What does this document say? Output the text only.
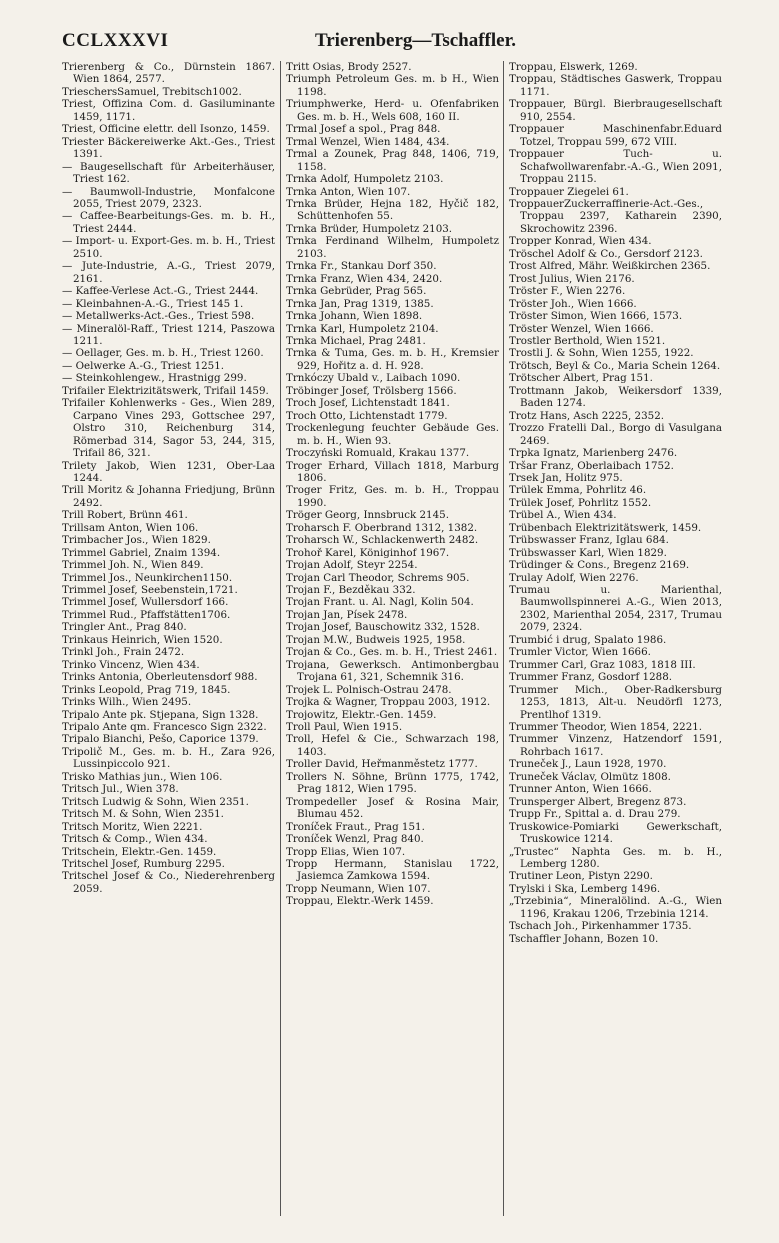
CCLXXXVI	Trierenberg—Tschaffler.
Trierenberg & Co., Dürnstein 1867. Wien 1864, 2577.
TrieschersSamuel, Trebitsch1002.
Triest, Offizina Com. d. Gasiluminante 1459, 1171.
Triest, Officine elettr. dell Isonzo, 1459.
Triester Bäckereiwerke Akt.-Ges., Triest 1391.
— Baugesellschaft für Arbeiterhäuser, Triest 162.
— Baumwoll-Industrie, Monfalcone 2055, Triest 2079, 2323.
— Caffee-Bearbeitungs-Ges. m. b. H., Triest 2444.
— Import- u. Export-Ges. m. b. H., Triest 2510.
— Jute-Industrie, A.-G., Triest 2079, 2161.
— Kaffee-Verlese Act.-G., Triest 2444.
— Kleinbahnen-A.-G., Triest 145 1.
— Metallwerks-Act.-Ges., Triest 598.
— Mineralöl-Raff., Triest 1214, Paszowa 1211.
— Oellager, Ges. m. b. H., Triest 1260.
— Oelwerke A.-G., Triest 1251.
— Steinkohlengew., Hrastnigg 299.
Trifailer Elektrizitätswerk, Trifail 1459.
Trifailer Kohlenwerks - Ges., Wien 289, Carpano Vines 293, Gottschee 297, Olstro 310, Reichenburg 314, Römerbad 314, Sagor 53, 244, 315, Trifail 86, 321.
Trilety Jakob, Wien 1231, Ober-Laa 1244.
Trill Moritz & Johanna Friedjung, Brünn 2492.
Trill Robert, Brünn 461.
Trillsam Anton, Wien 106.
Trimbacher Jos., Wien 1829.
Trimmel Gabriel, Znaim 1394.
Trimmel Joh. N., Wien 849.
Trimmel Jos., Neunkirchen1150.
Trimmel Josef, Seebenstein,1721.
Trimmel Josef, Wullersdorf 166.
Trimmel Rud., Pfaffstätten1706.
Tringler Ant., Prag 840.
Trinkaus Heinrich, Wien 1520.
Trinkl Joh., Frain 2472.
Trinko Vincenz, Wien 434.
Trinks Antonia, Oberleutensdorf 988.
Trinks Leopold, Prag 719, 1845.
Trinks Wilh., Wien 2495.
Tripalo Ante pk. Stjepana, Sign 1328.
Tripalo Ante qm. Francesco Sign 2322.
Tripalo Bianchi, Pešo, Caporice 1379.
Tripolič M., Ges. m. b. H., Zara 926, Lussinpiccolo 921.
Trisko Mathias jun., Wien 106.
Tritsch Jul., Wien 378.
Tritsch Ludwig & Sohn, Wien 2351.
Tritsch M. & Sohn, Wien 2351.
Tritsch Moritz, Wien 2221.
Tritsch & Comp., Wien 434.
Tritschein, Elektr.-Gen. 1459.
Tritschel Josef, Rumburg 2295.
Tritschel Josef & Co., Niederehrenberg 2059.
Tritt Osias, Brody 2527.
Triumph Petroleum Ges. m. b H., Wien 1198.
Triumphwerke, Herd- u. Ofenfabriken Ges. m. b. H., Wels 608, 160 II.
Trmal Josef a spol., Prag 848.
Trmal Wenzel, Wien 1484, 434.
Trmal a Zounek, Prag 848, 1406, 719, 1158.
Trnka Adolf, Humpoletz 2103.
Trnka Anton, Wien 107.
Trnka Brüder, Hejna 182, Hyčič 182, Schüttenhofen 55.
Trnka Brüder, Humpoletz 2103.
Trnka Ferdinand Wilhelm, Humpoletz 2103.
Trnka Fr., Stankau Dorf 350.
Trnka Franz, Wien 434, 2420.
Trnka Gebrüder, Prag 565.
Trnka Jan, Prag 1319, 1385.
Trnka Johann, Wien 1898.
Trnka Karl, Humpoletz 2104.
Trnka Michael, Prag 2481.
Trnka & Tuma, Ges. m. b. H., Kremsier 929, Hořitz a. d. H. 928.
Trnkóczy Ubald v., Laibach 1090.
Tröbinger Josef, Trölsberg 1566.
Troch Josef, Lichtenstadt 1841.
Troch Otto, Lichtenstadt 1779.
Trockenlegung feuchter Gebäude Ges. m. b. H., Wien 93.
Troczyński Romuald, Krakau 1377.
Troger Erhard, Villach 1818, Marburg 1806.
Troger Fritz, Ges. m. b. H., Troppau 1990.
Tröger Georg, Innsbruck 2145.
Troharsch F. Oberbrand 1312, 1382.
Troharsch W., Schlackenwerth 2482.
Trohoř Karel, Königinhof 1967.
Trojan Adolf, Steyr 2254.
Trojan Carl Theodor, Schrems 905.
Trojan F., Bezděkau 332.
Trojan Frant. u. Al. Nagl, Kolin 504.
Trojan Jan, Písek 2478.
Trojan Josef, Bauschowitz 332, 1528.
Trojan M.W., Budweis 1925, 1958.
Trojan & Co., Ges. m. b. H., Triest 2461.
Trojana, Gewerksch. Antimonbergbau Trojana 61, 321, Schemnik 316.
Trojek L. Polnisch-Ostrau 2478.
Trojka & Wagner, Troppau 2003, 1912.
Trojowitz, Elektr.-Gen. 1459.
Troll Paul, Wien 1915.
Troll, Hefel & Cie., Schwarzach 198, 1403.
Troller David, Heřmanměstetz 1777.
Trollers N. Söhne, Brünn 1775, 1742, Prag 1812, Wien 1795.
Trompedeller Josef & Rosina Mair, Blumau 452.
Troníček Fraut., Prag 151.
Troníček Wenzl, Prag 840.
Tropp Elias, Wien 107.
Tropp Hermann, Stanislau 1722, Jasiemca Zamkowa 1594.
Tropp Neumann, Wien 107.
Troppau, Elektr.-Werk 1459.
Troppau, Elswerk, 1269.
Troppau, Städtisches Gaswerk, Troppau 1171.
Troppauer, Bürgl. Bierbraugesellschaft 910, 2554.
Troppauer Maschinenfabr.Eduard Totzel, Troppau 599, 672 VIII.
Troppauer Tuch- u. Schafwollwarenfabr.-A.-G., Wien 2091, Troppau 2115.
Troppauer Ziegelei 61.
TroppauerZuckerraffinerie-Act.-Ges., Troppau 2397, Katharein 2390, Skrochowitz 2396.
Tropper Konrad, Wien 434.
Tröschel Adolf & Co., Gersdorf 2123.
Trost Alfred, Mähr. Weißkirchen 2365.
Trost Julius, Wien 2176.
Tröster F., Wien 2276.
Tröster Joh., Wien 1666.
Tröster Simon, Wien 1666, 1573.
Tröster Wenzel, Wien 1666.
Trostler Berthold, Wien 1521.
Trostli J. & Sohn, Wien 1255, 1922.
Trötsch, Beyl & Co., Maria Schein 1264.
Trötscher Albert, Prag 151.
Trottmann Jakob, Weikersdorf 1339, Baden 1274.
Trotz Hans, Asch 2225, 2352.
Trozzo Fratelli Dal., Borgo di Vasulgana 2469.
Trpka Ignatz, Marienberg 2476.
Tršar Franz, Oberlaibach 1752.
Trsek Jan, Holitz 975.
Trülek Emma, Pohrlitz 46.
Trülek Josef, Pohrlitz 1552.
Trübel A., Wien 434.
Trübenbach Elektrizitätswerk, 1459.
Trübswasser Franz, Iglau 684.
Trübswasser Karl, Wien 1829.
Trüdinger & Cons., Bregenz 2169.
Trulay Adolf, Wien 2276.
Trumau u. Marienthal, Baumwollspinnerei A.-G., Wien 2013, 2302, Marienthal 2054, 2317, Trumau 2079, 2324.
Trumbić i drug, Spalato 1986.
Trumler Victor, Wien 1666.
Trummer Carl, Graz 1083, 1818 III.
Trummer Franz, Gosdorf 1288.
Trummer Mich., Ober-Radkersburg 1253, 1813, Alt-u. Neudörfl 1273, Prentlhof 1319.
Trummer Theodor, Wien 1854, 2221.
Trummer Vinzenz, Hatzendorf 1591, Rohrbach 1617.
Truneček J., Laun 1928, 1970.
Truneček Václav, Olmütz 1808.
Trunner Anton, Wien 1666.
Trunsperger Albert, Bregenz 873.
Trupp Fr., Spittal a. d. Drau 279.
Truskowice-Pomiarki Gewerkschaft, Truskowice 1214.
„Trustec“ Naphta Ges. m. b. H., Lemberg 1280.
Trutiner Leon, Pistyn 2290.
Trylski i Ska, Lemberg 1496.
„Trzebinia“, Mineralölind. A.-G., Wien 1196, Krakau 1206, Trzebinia 1214.
Tschach Joh., Pirkenhammer 1735.
Tschaffler Johann, Bozen 10.
